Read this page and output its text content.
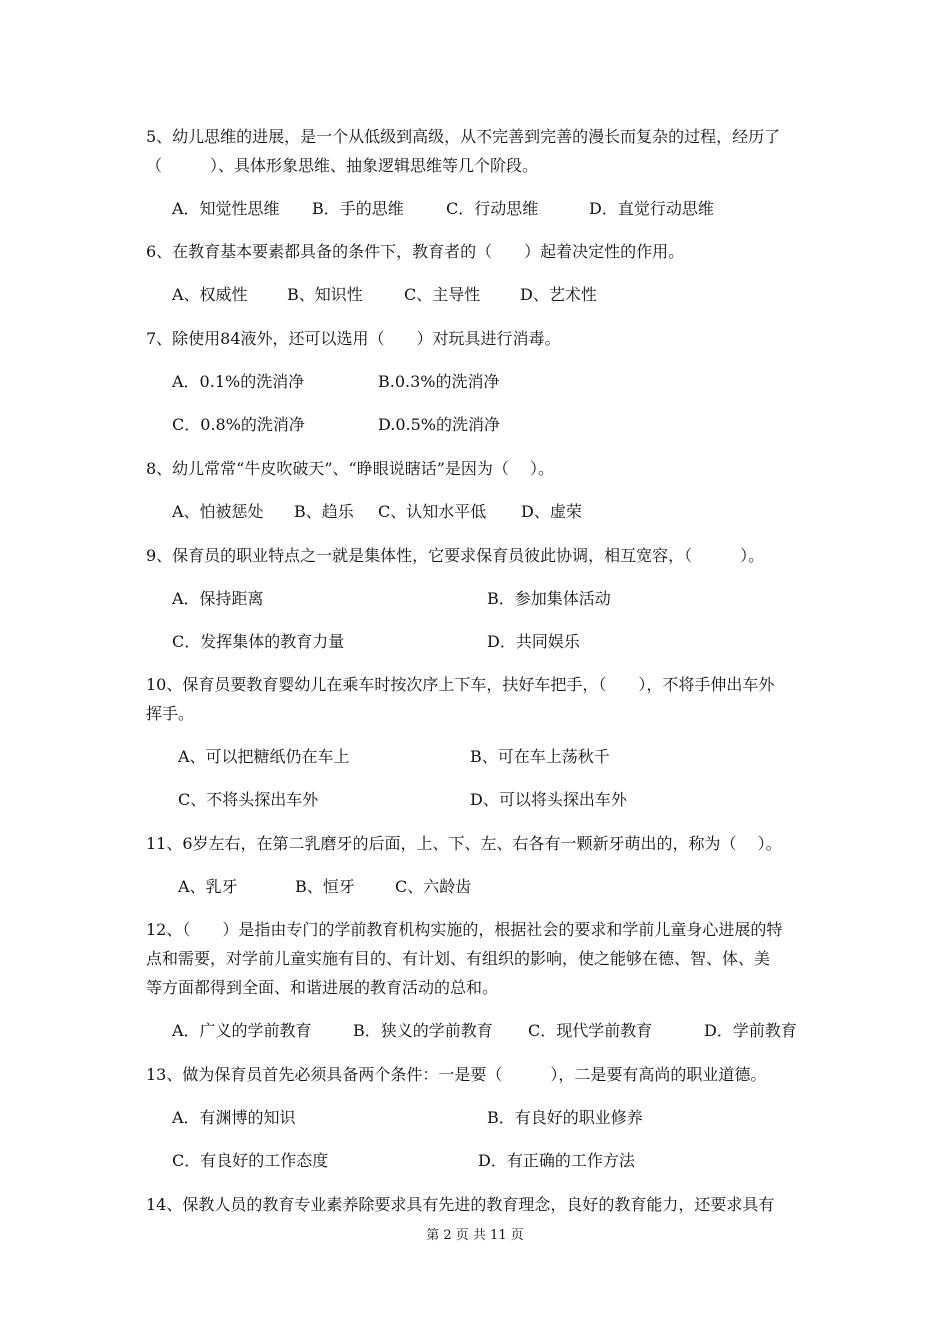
5、幼儿思维的进展，是一个从低级到高级，从不完善到完善的漫长而复杂的过程，经历了
（　　　）、具体形象思维、抽象逻辑思维等几个阶段。
A．知觉性思维 B．手的思维	C．行动思维	D．直觉行动思维
6、在教育基本要素都具备的条件下，教育者的（　　）起着决定性的作用。
A、权威性 B、知识性	C、主导性 D、艺术性
7、除使用84液外，还可以选用（　　）对玩具进行消毒。
A．0.1%的洗消净	B.0.3%的洗消净
C．0.8%的洗消净	D.0.5%的洗消净
8、幼儿常常“牛皮吹破天”、“睁眼说瞎话”是因为（　 ）。
A、怕被惩处 B、趋乐 C、认知水平低 D、虚荣
9、保育员的职业特点之一就是集体性，它要求保育员彼此协调，相互宽容，（　　　）。
A．保持距离	B．参加集体活动
C．发挥集体的教育力量	D．共同娱乐
10、保育员要教育婴幼儿在乘车时按次序上下车，扶好车把手，（　　），不将手伸出车外
挥手。
A、可以把糖纸仍在车上	B、可在车上荡秋千
C、不将头探出车外	D、可以将头探出车外
11、6岁左右，在第二乳磨牙的后面，上、下、左、右各有一颗新牙萌出的，称为（　 ）。
A、乳牙	B、恒牙	C、六龄齿
12、（　　）是指由专门的学前教育机构实施的，根据社会的要求和学前儿童身心进展的特
点和需要，对学前儿童实施有目的、有计划、有组织的影响，使之能够在德、智、体、美
等方面都得到全面、和谐进展的教育活动的总和。
A．广义的学前教育	B．狭义的学前教育 C．现代学前教育	D．学前教育
13、做为保育员首先必须具备两个条件：一是要（　　　），二是要有高尚的职业道德。
A．有渊博的知识	B．有良好的职业修养
C．有良好的工作态度	D．有正确的工作方法
14、保教人员的教育专业素养除要求具有先进的教育理念，良好的教育能力，还要求具有
第 2 页 共 11 页
